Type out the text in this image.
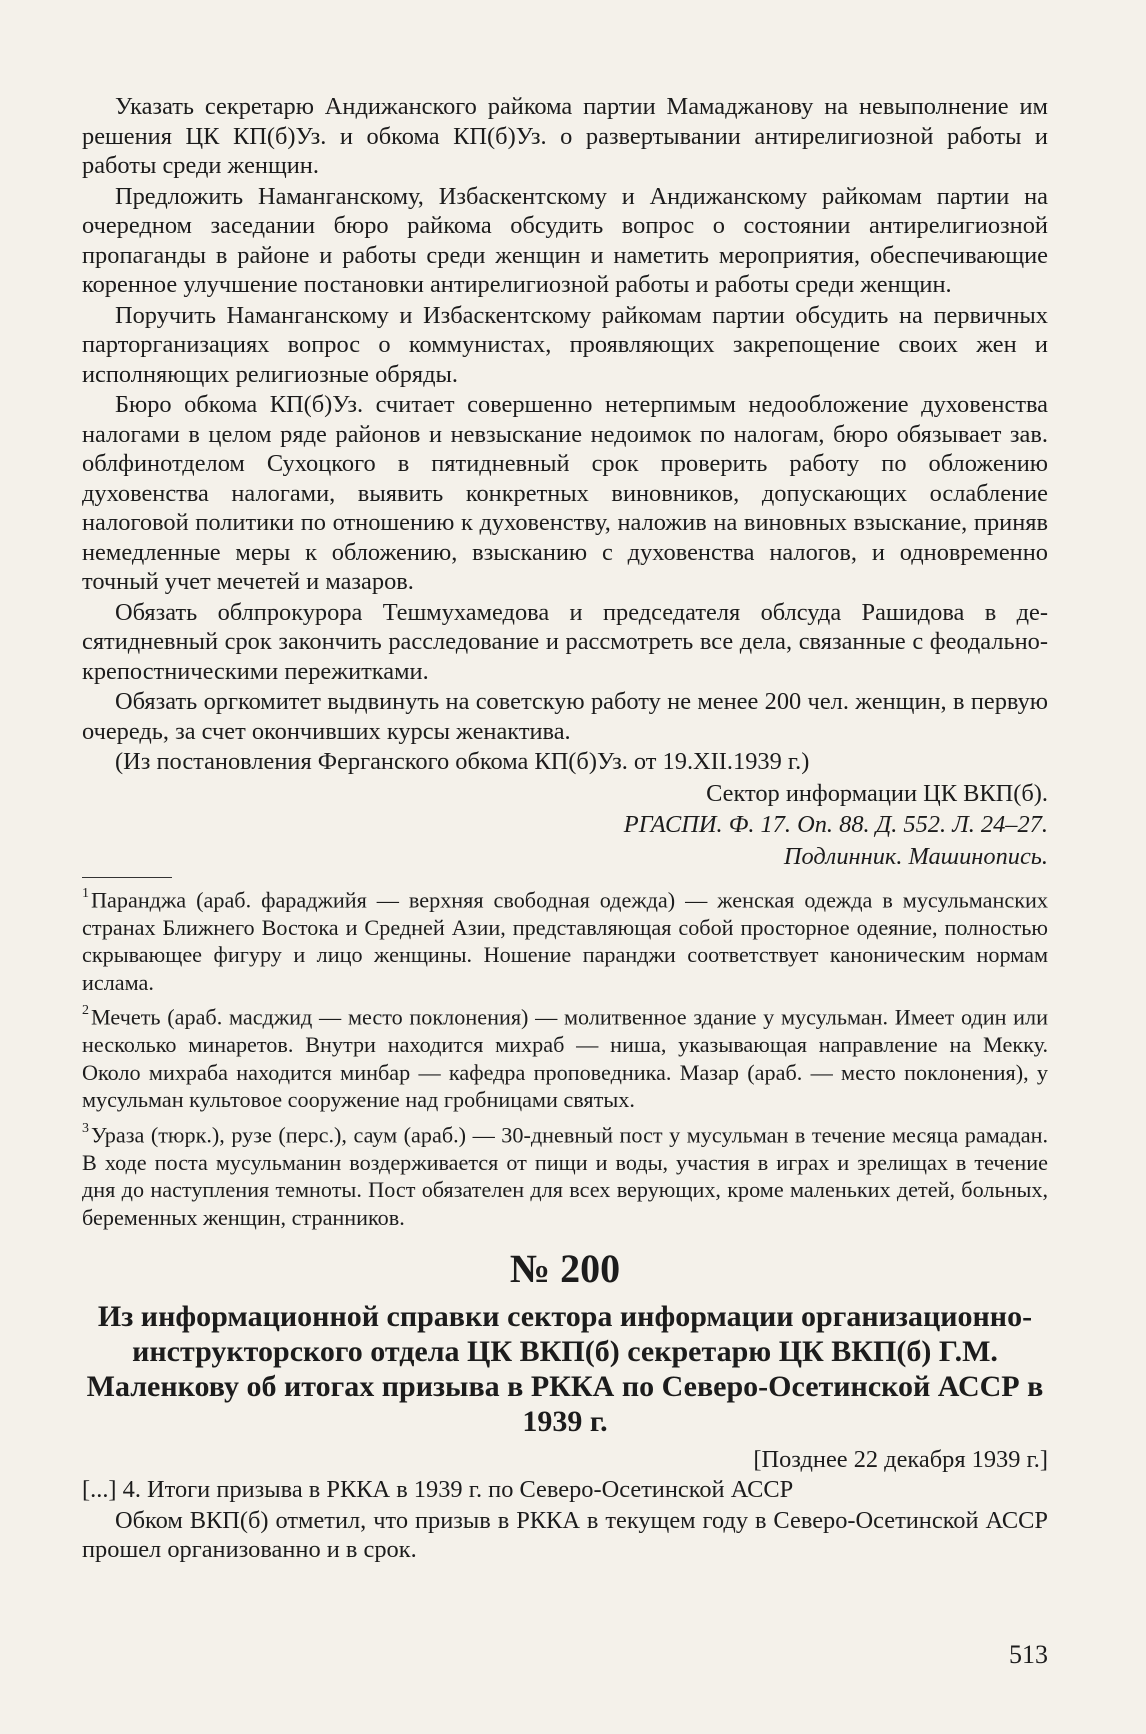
Указать секретарю Андижанского райкома партии Мамаджанову на невыполнение им решения ЦК КП(б)Уз. и обкома КП(б)Уз. о развертывании антирелигиозной работы и работы среди женщин.

Предложить Наманганскому, Избаскентскому и Андижанскому райкомам партии на очередном заседании бюро райкома обсудить вопрос о состоянии антирелигиозной пропаганды в районе и работы среди женщин и наметить мероприятия, обеспечивающие коренное улучшение постановки антирелигиозной работы и работы среди женщин.

Поручить Наманганскому и Избаскентскому райкомам партии обсудить на первичных парторганизациях вопрос о коммунистах, проявляющих закрепощение своих жен и исполняющих религиозные обряды.

Бюро обкома КП(б)Уз. считает совершенно нетерпимым недообложение духовенства налогами в целом ряде районов и невзыскание недоимок по налогам, бюро обязывает зав. облфинотделом Сухоцкого в пятидневный срок проверить работу по обложению духовенства налогами, выявить конкретных виновников, допускающих ослабление налоговой политики по отношению к духовенству, наложив на виновных взыскание, приняв немедленные меры к обложению, взысканию с духовенства налогов, и одновременно точный учет мечетей и мазаров.

Обязать облпрокурора Тешмухамедова и председателя облсуда Рашидова в десятидневный срок закончить расследование и рассмотреть все дела, связанные с феодально-крепостническими пережитками.

Обязать оргкомитет выдвинуть на советскую работу не менее 200 чел. женщин, в первую очередь, за счет окончивших курсы женактива.

(Из постановления Ферганского обкома КП(б)Уз. от 19.XII.1939 г.)

Сектор информации ЦК ВКП(б).

РГАСПИ. Ф. 17. Оп. 88. Д. 552. Л. 24–27.

Подлинник. Машинопись.

$^1$Паранджа (араб. фараджийя — верхняя свободная одежда) — женская одежда в мусульманских странах Ближнего Востока и Средней Азии, представляющая собой просторное одеяние, полностью скрывающее фигуру и лицо женщины. Ношение паранджи соответствует каноническим нормам ислама.

$^2$Мечеть (араб. масджид — место поклонения) — молитвенное здание у мусульман. Имеет один или несколько минаретов. Внутри находится михраб — ниша, указывающая направление на Мекку. Около михраба находится минбар — кафедра проповедника. Мазар (араб. — место поклонения), у мусульман культовое сооружение над гробницами святых.

$^3$Ураза (тюрк.), рузе (перс.), саум (араб.) — 30-дневный пост у мусульман в течение месяца рамадан. В ходе поста мусульманин воздерживается от пищи и воды, участия в играх и зрелищах в течение дня до наступления темноты. Пост обязателен для всех верующих, кроме маленьких детей, больных, беременных женщин, странников.

№ 200

Из информационной справки сектора информации организационно-инструкторского отдела ЦК ВКП(б) секретарю ЦК ВКП(б) Г.М. Маленкову об итогах призыва в РККА по Северо-Осетинской АССР в 1939 г.

[Позднее 22 декабря 1939 г.]

[...] 4. Итоги призыва в РККА в 1939 г. по Северо-Осетинской АССР

Обком ВКП(б) отметил, что призыв в РККА в текущем году в Северо-Осетинской АССР прошел организованно и в срок.

513
